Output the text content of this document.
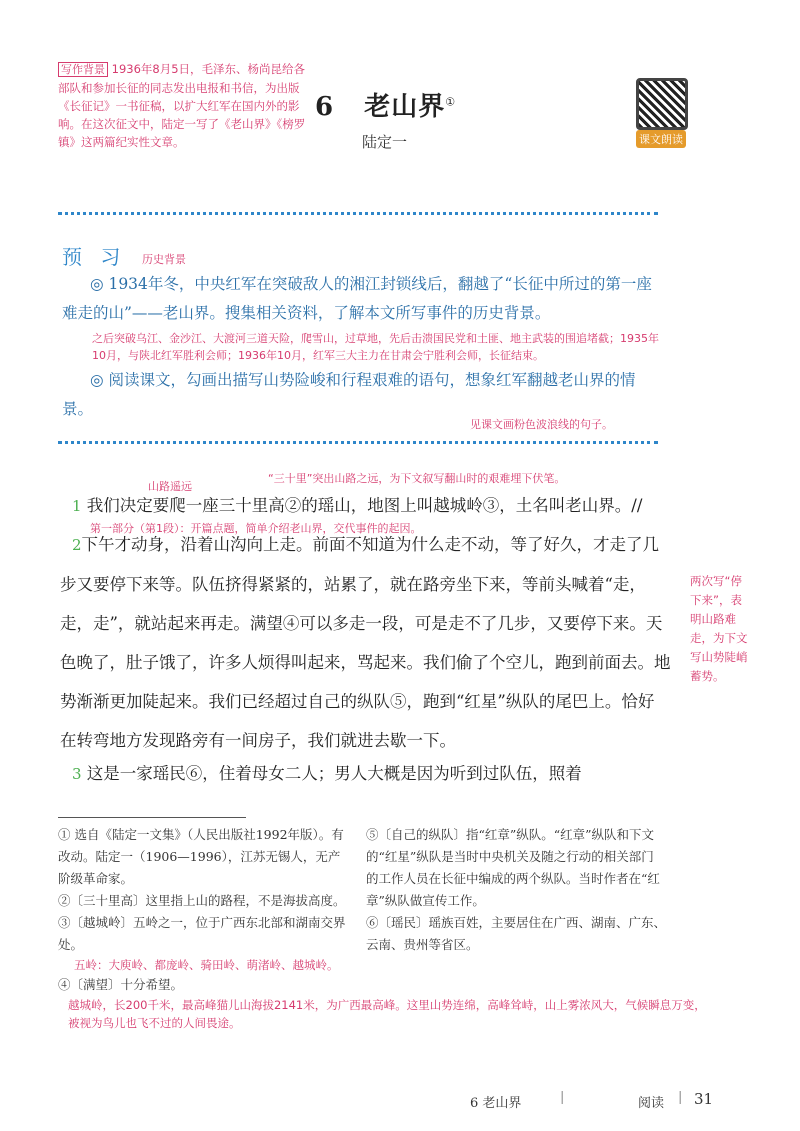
写作背景 1936年8月5日，毛泽东、杨尚昆给各部队和参加长征的同志发出电报和书信，为出版《长征记》一书征稿，以扩大红军在国内外的影响。在这次征文中，陆定一写了《老山界》《榜罗镇》这两篇纪实性文章。
6 老山界①
陆定一	课文朗读
预 习 历史背景
◎ 1934年冬，中央红军在突破敌人的湘江封锁线后，翻越了“长征中所过的第一座难走的山”——老山界。搜集相关资料，了解本文所写事件的历史背景。
之后突破乌江、金沙江、大渡河三道天险，爬雪山，过草地，先后击溃国民党和土匪、地主武装的围追堵截；1935年10月，与陕北红军胜利会师；1936年10月，红军三大主力在甘肃会宁胜利会师，长征结束。
◎ 阅读课文，勾画出描写山势险峻和行程艰难的语句，想象红军翻越老山界的情景。
见课文画粉色波浪线的句子。
山路遥远
“三十里”突出山路之远，为下文叙写翻山时的艰难埋下伏笔。
1 我们决定要爬一座三十里高②的瑶山，地图上叫越城岭③，土名叫老山界。//
第一部分（第1段）：开篇点题，简单介绍老山界，交代事件的起因。
2下午才动身，沿着山沟向上走。前面不知道为什么走不动，等了好久，才走了几
步又要停下来等。队伍挤得紧紧的，站累了，就在路旁坐下来，等前头喊着“走，
走，走”，就站起来再走。满望④可以多走一段，可是走不了几步，又要停下来。天
色晚了，肚子饿了，许多人烦得叫起来，骂起来。我们偷了个空儿，跑到前面去。地
势渐渐更加陡起来。我们已经超过自己的纵队⑤，跑到“红星”纵队的尾巴上。恰好
在转弯地方发现路旁有一间房子，我们就进去歇一下。
两次写“停下来”，表明山路难走，为下文写山势陡峭蓄势。
3 这是一家瑶民⑥，住着母女二人；男人大概是因为听到过队伍，照着
① 选自《陆定一文集》（人民出版社1992年版）。有改动。陆定一（1906—1996），江苏无锡人，无产阶级革命家。
②〔三十里高〕这里指上山的路程，不是海拔高度。
③〔越城岭〕五岭之一，位于广西东北部和湖南交界处。
五岭：大庾岭、都庞岭、骑田岭、萌渚岭、越城岭。
④〔满望〕十分希望。
⑤〔自己的纵队〕指“红章”纵队。“红章”纵队和下文的“红星”纵队是当时中央机关及随之行动的相关部门的工作人员在长征中编成的两个纵队。当时作者在“红章”纵队做宣传工作。
⑥〔瑶民〕瑶族百姓，主要居住在广西、湖南、广东、云南、贵州等省区。
越城岭，长200千米，最高峰猫儿山海拔2141米，为广西最高峰。这里山势连绵，高峰耸峙，山上雾浓风大，气候瞬息万变，被视为鸟儿也飞不过的人间畏途。
6 老山界	|	阅读 | 31
